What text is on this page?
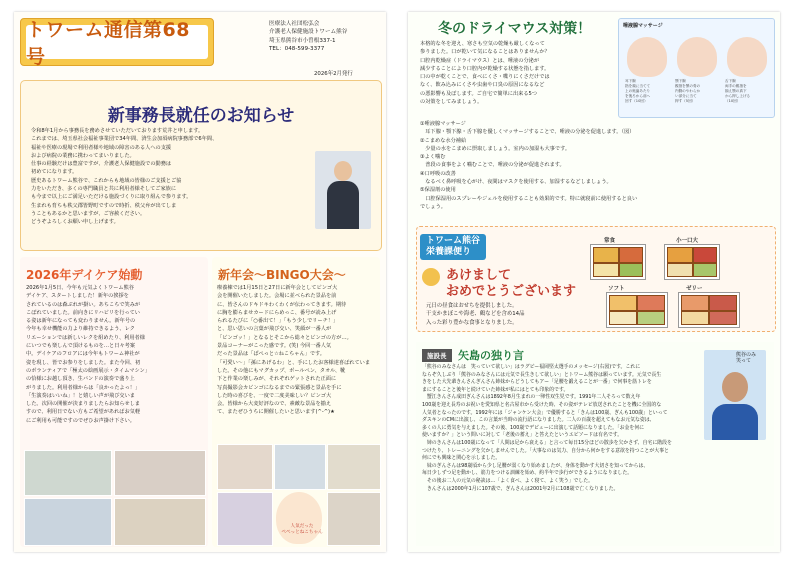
トワーム通信第68号
医療法人社団松弘会
介護老人保健施設トワーム熊谷
埼玉県熊谷市小曽根337-1
TEL：048-599-3377
2026年2月発行
新事務長就任のお知らせ

令和8年1月から事務長を務めさせていただいております荒井と申します。
これまでは、埼玉県社会福祉事業団で34年間、済生会加須病院事務部で6年間、
福祉や医療の現場で利用者様や地域の障害のある人への支援
および病院の業務に携わってまいりました。
仕事の経験だけは豊富ですが、介護老人保健施設での勤務は
初めてになります。
歴史あるトワーム熊谷で、これからも地域の皆様のご支援とご協
力をいただき、多くの専門職員と共に利用者様そしてご家族に
も今まで以上にご満足いただける施設づくりに取り組んで参ります。
生まれも育ちも秩父郡皆野町ですので時折、秩父弁が出てしま
うこともあるかと思いますが、ご容赦ください。
どうぞよろしくお願い申し上げます。

2026年デイケア始動

2026年1月5日、今年も元気よくトワーム熊谷
デイケア、スタートしました！新年の挨拶を
されているのは森ぶれが掛い。あちこちで笑みが
こぼれていました。前向きにリハビリを行ってい
る姿は新年になっても変わりません。新年号の
今年も幸せ機能の力より維持できるよう、レク
リエーションでは新しいレクを組めたり、利用者様
にいつでも楽しんで頂けるものを…と日々考案
中。デイケアのフロアには今年もトワーム神社が
姿を現し、皆でお参りをしました。また今回、初
のボランティアで「極太の絵画展示・タイムマシン」
の恰様にお越し頂き、生バンドの演奏で盛り上
がりました。利用者様からは「良かったよっ！」
「生演奏はいいね」！と嬉しい声が飛び交いま
した。次回の開催が決まりましたらお知らせしま
すので、利用日でない方もご希望があればお気軽
にご利用も可能ですのでぜひお声掛け下さい。

新年会～BINGO大会～

療養棟では1月15日と27日に新年会としてビンゴ大
会を開催いたしました。会場に並べられた景品を前
に、皆さんのドキドキわくわくが伝わってきます。期待
に胸を膨らませカードにらめっこ、番号が読み上げ
られるたびに「○番出て！」「もう少しでリーチ！」
と、思い思いの言葉が飛び交い、笑顔が一番人が
「ビンゴッ！」となるとそこから総々とビンゴの方が…。
景品コーナーがこった感です。(笑) 今回一番人気
だった景品は「ぱぺっと☆ねこちゃん」です。
「可愛い～」「孫にあげるわ」と、手にしたお客様達喜ばれていま
した。その他にもマグカップ、ボールペン、タオル、靴
下と作業の楽しみが、それぞれゲットされた正面に
写真撮影会カビンゴになるまでの緊張感と景品を手に
した時の喜びを、一度で二度美味しい？ビンゴ大
会。皆様から大変好評なので、素敵な景品を揃え
て、またぜひうちに開催したいと思います(^-^)★

人気だった
ぺぺっとねこちゃん

冬のドライマウス対策！

本格的な冬を迎え、寒さも空気の乾燥も厳しくなって
参りました。口が乾いて気になることはありませんか？
口腔内乾燥症（ドライマウス）とは、唾液の分泌が
減少することにより口腔内が乾燥する状態を指します。
口の中が乾くことで、食べにくさ・喋りにくさだけでは
なく、飲み込みにくさや虫歯や口臭の原因になるなど
の悪影響も及ぼします。ご自宅で簡単に出来る5つ
の対策をしてみましょう。

唾液腺マッサージ
耳下腺
指を頬に当てて
上の奥歯あたり
を後ろから前へ
回す（10回）
顎下腺
親指を顎の骨の
内側のやわらか
い部分に当て
押す（5回）
舌下腺
両手の親指を
揃え顎の真下
から押し上げる
（10回）

①唾液腺マッサージ
　耳下腺・顎下腺・舌下腺を優しくマッサージすることで、唾液の分泌を促進します。（図）
②こまめな水分補給
　少量の水をこまめに摂取しましょう。室内の加湿も大事です。
③よく噛む
　普段の食事をよく噛むことで、唾液の分泌が促進されます。
④口呼吸の改善
　なるべく鼻呼吸を心がけ、夜間はマスクを使用する、加湿するなどしましょう。
⑤保湿剤の使用
　口腔保湿用のスプレーやジェルを使用することも効果的です。特に就寝前に使用すると良い
でしょう。

トワーム熊谷
栄養課便り
あけまして
おめでとうございます

元日の昼食はおせちを提供しました。
干支かまぼこや海老、鶴などを含め14品
入った彩り豊かな食事となりました。

常食	小一口大
ソフト	ゼリー
施設長	矢島の独り言	熊谷のみ
笑って

「熊谷のみなさんは　笑っていて欲しい」はラグビー福岡堅太選手のメッセージ(右図)です。これに
ならぞ久しぶり「熊谷のみなさんには元気で長生きして欲しい」とトワーム熊谷は願っています。元気で長生
きをした大先輩きんさんぎんさん姉妹からどうしてもアー「足腰を鍛えることが一番」で何事を筋トレを
まにすることと後年と続けていた姉妹が私にはとても印象的です。
　蟹江きんさん成田ぎんさんは1892年8月生まれの一卵性双生児です。1991年二人そろって数え年
100歳を迎え長寿のお祝いを愛知県と名古屋市から受けた時、その姿がテレビ放送されたことを機に全国的な
人気者となったのです。1992年には「ジャンケン大会」で優勝すると「きんは100歳、ぎんも100歳」といって
ダスキンのCMに出演し、この言葉が当時の流行語になりました。二人の百歳を超えてもなお元気な姿は、
多くの人に勇気を与えました。その後、100歳でデビューに出演して話題になりました。「お金を何に
使いますか？」という問いに対して「老後の蓄え」と答えたというエピソードは有名です。
　姉のきんさんは100歳になって「人間は足から衰える」と言って毎日15分ほどの散歩を欠かさず、自宅に階段を
つけたり、トレーニングを欠かしませんでした。「大事なのは気力、自分から何かをする意欲を持つことが大事と
何にでも興味と関心を示しました。
　妹のぎんさんは98歳頃から少し足腰が弱くなり始めましたが、身体を動かす大切さを知ってからは、
毎日少しずつ足を動かし、筋力をつける訓練を始め、約半年で歩行ができるようになりました。
　その後お二人の元気の秘訣は…「よく食べ、よく寝て、よく笑う」でした。
　きんさんは2000年1月に107歳で、ぎんさんは2001年2月に108歳で亡くなりました。
